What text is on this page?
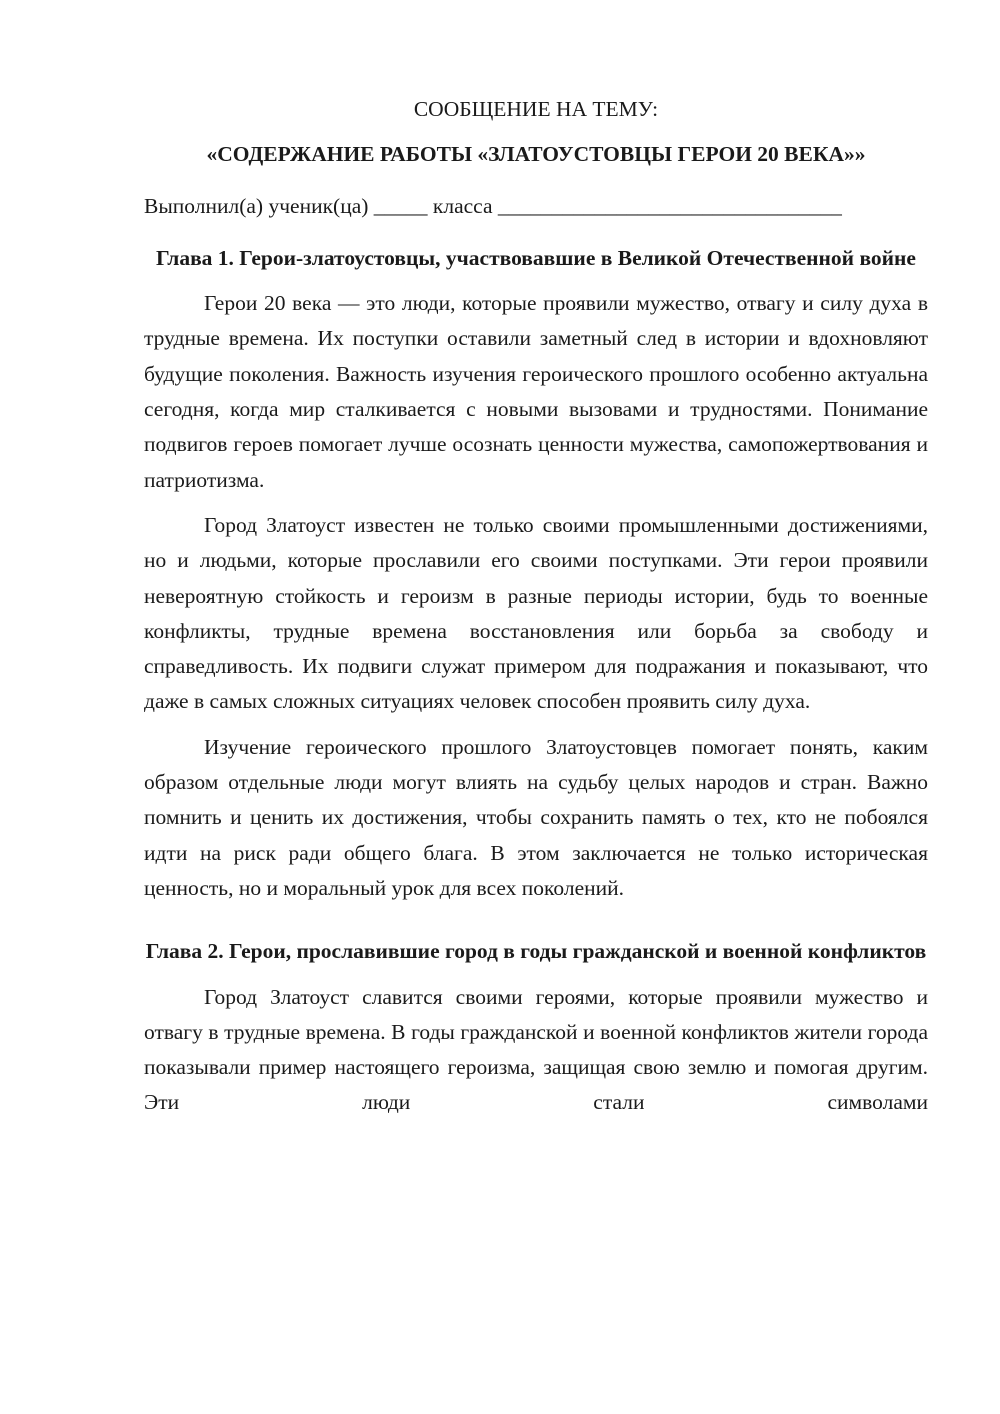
СООБЩЕНИЕ НА ТЕМУ:

«СОДЕРЖАНИЕ РАБОТЫ «ЗЛАТОУСТОВЦЫ ГЕРОИ 20 ВЕКА»»

Выполнил(а) ученик(ца) _____ класса ________________________________

Глава 1. Герои-златоустовцы, участвовавшие в Великой Отечественной войне

Герои 20 века — это люди, которые проявили мужество, отвагу и силу духа в трудные времена. Их поступки оставили заметный след в истории и вдохновляют будущие поколения. Важность изучения героического прошлого особенно актуальна сегодня, когда мир сталкивается с новыми вызовами и трудностями. Понимание подвигов героев помогает лучше осознать ценности мужества, самопожертвования и патриотизма.

Город Златоуст известен не только своими промышленными достижениями, но и людьми, которые прославили его своими поступками. Эти герои проявили невероятную стойкость и героизм в разные периоды истории, будь то военные конфликты, трудные времена восстановления или борьба за свободу и справедливость. Их подвиги служат примером для подражания и показывают, что даже в самых сложных ситуациях человек способен проявить силу духа.

Изучение героического прошлого Златоустовцев помогает понять, каким образом отдельные люди могут влиять на судьбу целых народов и стран. Важно помнить и ценить их достижения, чтобы сохранить память о тех, кто не побоялся идти на риск ради общего блага. В этом заключается не только историческая ценность, но и моральный урок для всех поколений.

Глава 2. Герои, прославившие город в годы гражданской и военной конфликтов

Город Златоуст славится своими героями, которые проявили мужество и отвагу в трудные времена. В годы гражданской и военной конфликтов жители города показывали пример настоящего героизма, защищая свою землю и помогая другим. Эти люди стали символами
